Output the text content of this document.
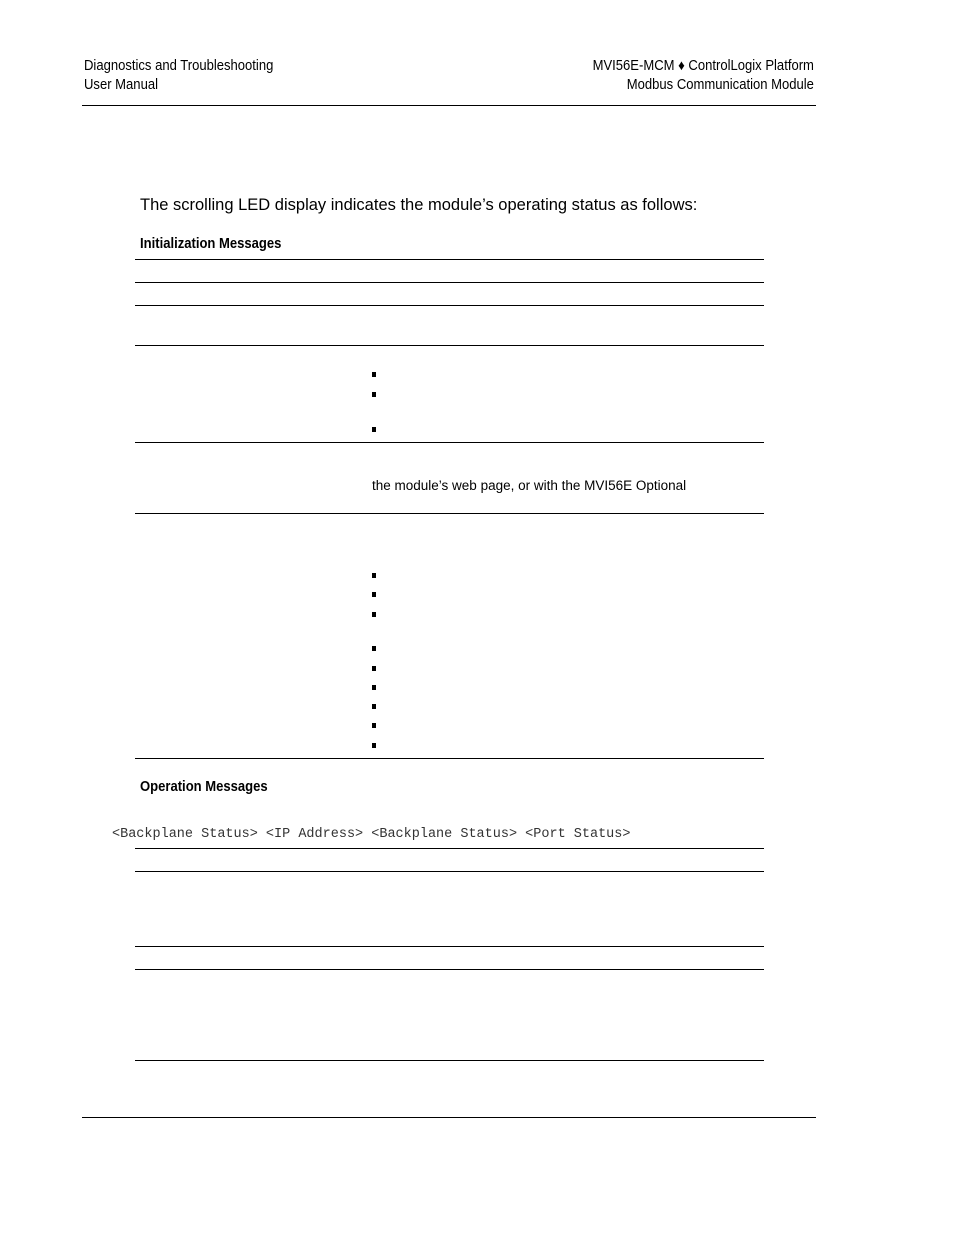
Diagnostics and Troubleshooting
User Manual
MVI56E-MCM ♦ ControlLogix Platform
Modbus Communication Module
The scrolling LED display indicates the module’s operating status as follows:
Initialization Messages
the module’s web page, or with the MVI56E Optional
Operation Messages
<Backplane Status> <IP Address> <Backplane Status> <Port Status>
